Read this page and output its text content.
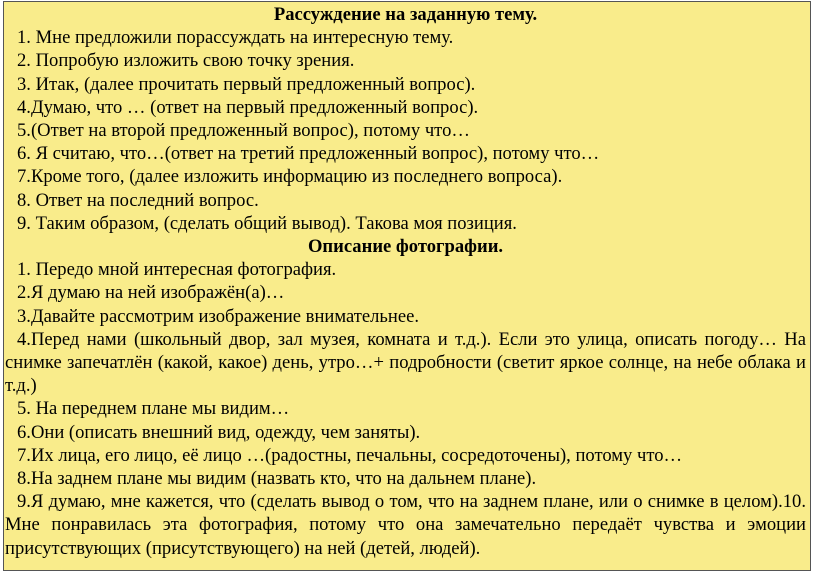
Рассуждение на заданную тему.

1. Мне предложили порассуждать на интересную тему.

2. Попробую изложить свою точку зрения.

3. Итак, (далее прочитать первый предложенный вопрос).

4.Думаю, что … (ответ на первый предложенный вопрос).

5.(Ответ на второй предложенный вопрос), потому что…

6. Я считаю, что…(ответ на третий предложенный вопрос), потому что…

7.Кроме того, (далее изложить информацию из последнего вопроса).

8. Ответ на последний вопрос.

9. Таким образом, (сделать общий вывод). Такова моя позиция.

Описание фотографии.

1. Передо мной интересная фотография.

2.Я думаю на ней изображён(а)…

3.Давайте рассмотрим изображение внимательнее.

4.Перед нами (школьный двор, зал музея, комната и т.д.). Если это улица, описать погоду… На снимке запечатлён (какой, какое) день, утро…+ подробности (светит яркое солнце, на небе облака и т.д.)

5. На переднем плане мы видим…

6.Они (описать внешний вид, одежду, чем заняты).

7.Их лица, его лицо, её лицо …(радостны, печальны, сосредоточены), потому что…

8.На заднем плане мы видим (назвать кто, что на дальнем плане).

9.Я думаю, мне кажется, что (сделать вывод о том, что на заднем плане, или о снимке в целом).10. Мне понравилась эта фотография, потому что она замечательно передаёт чувства и эмоции присутствующих (присутствующего) на ней (детей, людей).
